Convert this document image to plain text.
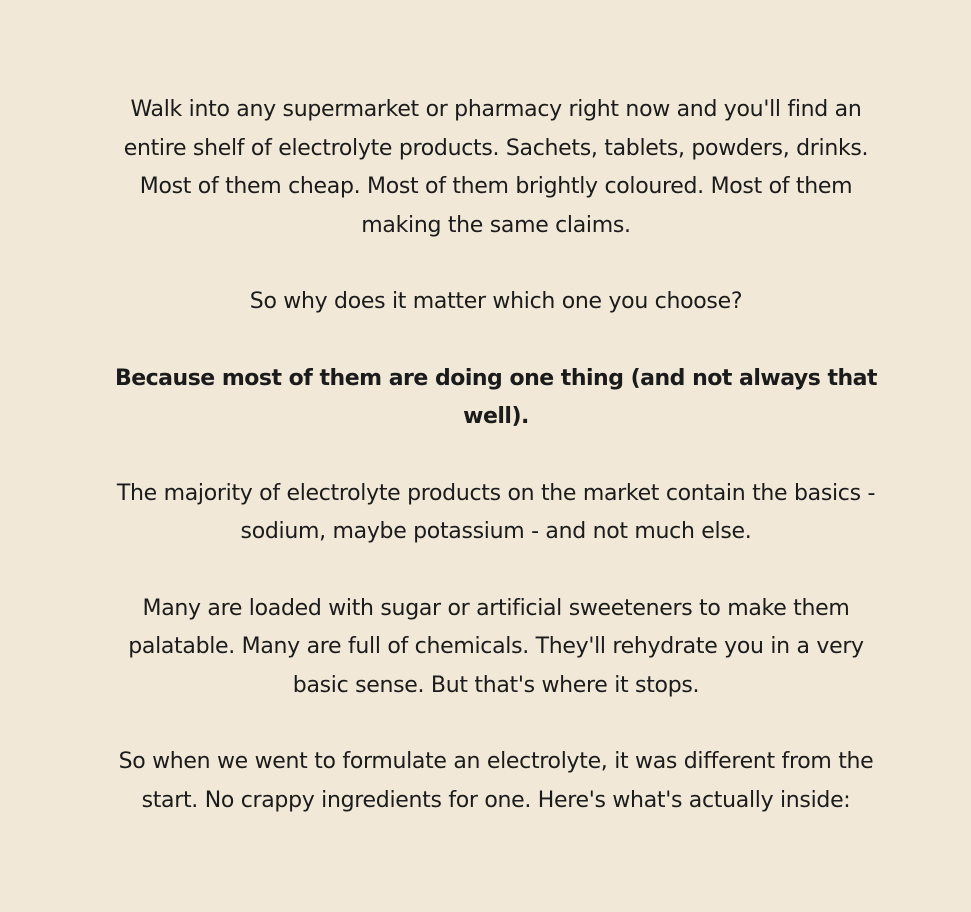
Walk into any supermarket or pharmacy right now and you'll find an entire shelf of electrolyte products. Sachets, tablets, powders, drinks. Most of them cheap. Most of them brightly coloured. Most of them making the same claims.

So why does it matter which one you choose?

Because most of them are doing one thing (and not always that well).

The majority of electrolyte products on the market contain the basics - sodium, maybe potassium - and not much else.

Many are loaded with sugar or artificial sweeteners to make them palatable. Many are full of chemicals. They'll rehydrate you in a very basic sense. But that's where it stops.

So when we went to formulate an electrolyte, it was different from the start. No crappy ingredients for one. Here's what's actually inside:
